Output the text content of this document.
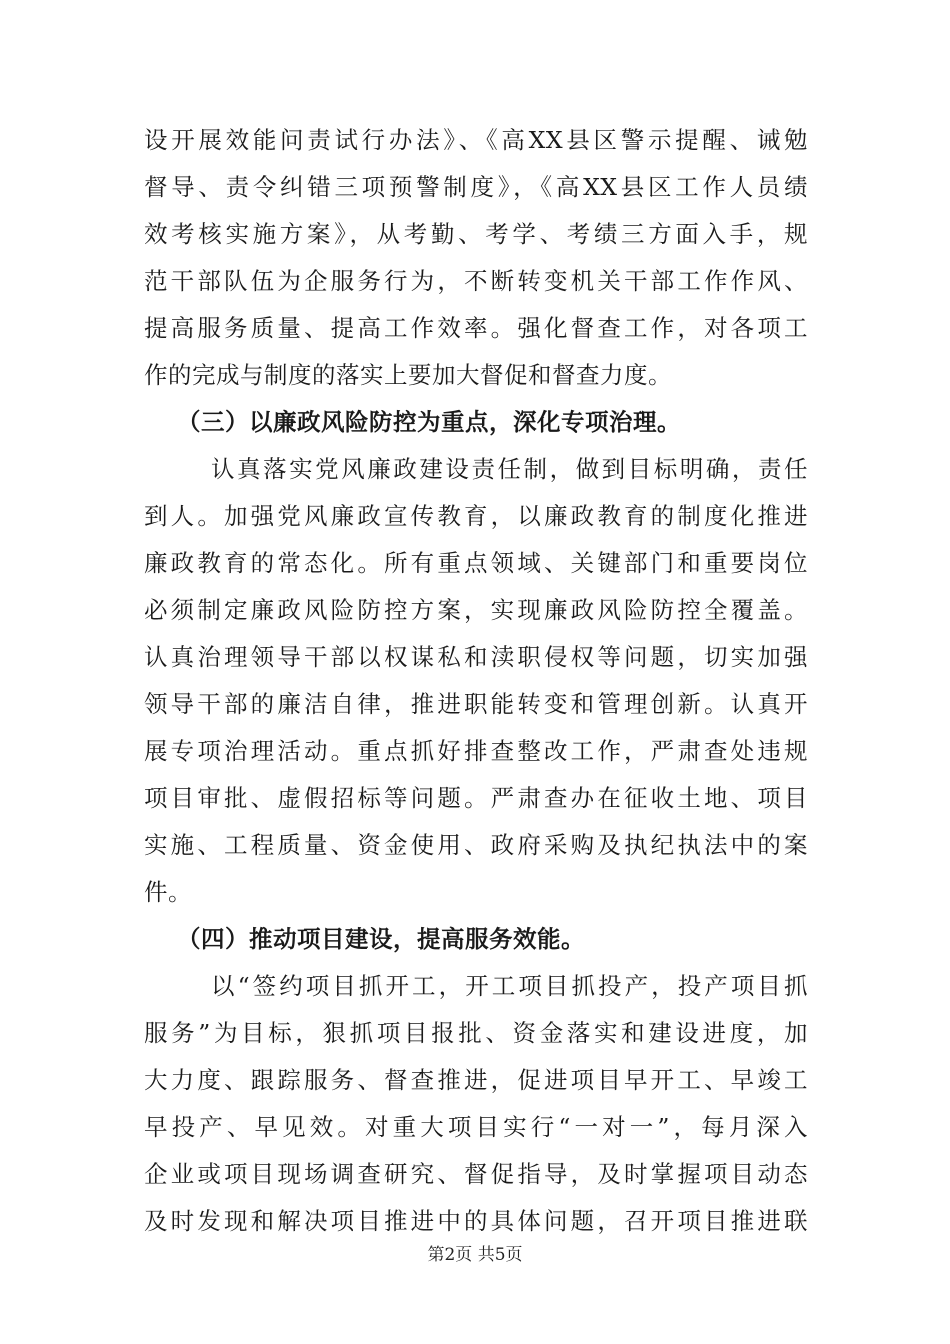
设开展效能问责试行办法》、《高XX县区警示提醒、诫勉
督导、责令纠错三项预警制度》，《高XX县区工作人员绩
效考核实施方案》，从考勤、考学、考绩三方面入手，规
范干部队伍为企服务行为，不断转变机关干部工作作风、
提高服务质量、提高工作效率。强化督查工作，对各项工
作的完成与制度的落实上要加大督促和督查力度。
（三）以廉政风险防控为重点，深化专项治理。
认真落实党风廉政建设责任制，做到目标明确，责任
到人。加强党风廉政宣传教育，以廉政教育的制度化推进
廉政教育的常态化。所有重点领域、关键部门和重要岗位
必须制定廉政风险防控方案，实现廉政风险防控全覆盖。
认真治理领导干部以权谋私和渎职侵权等问题，切实加强
领导干部的廉洁自律，推进职能转变和管理创新。认真开
展专项治理活动。重点抓好排查整改工作，严肃查处违规
项目审批、虚假招标等问题。严肃查办在征收土地、项目
实施、工程质量、资金使用、政府采购及执纪执法中的案
件。
（四）推动项目建设，提高服务效能。
以“签约项目抓开工，开工项目抓投产，投产项目抓
服务”为目标，狠抓项目报批、资金落实和建设进度，加
大力度、跟踪服务、督查推进，促进项目早开工、早竣工
早投产、早见效。对重大项目实行“一对一”，每月深入
企业或项目现场调查研究、督促指导，及时掌握项目动态
及时发现和解决项目推进中的具体问题，召开项目推进联
第2页 共5页
